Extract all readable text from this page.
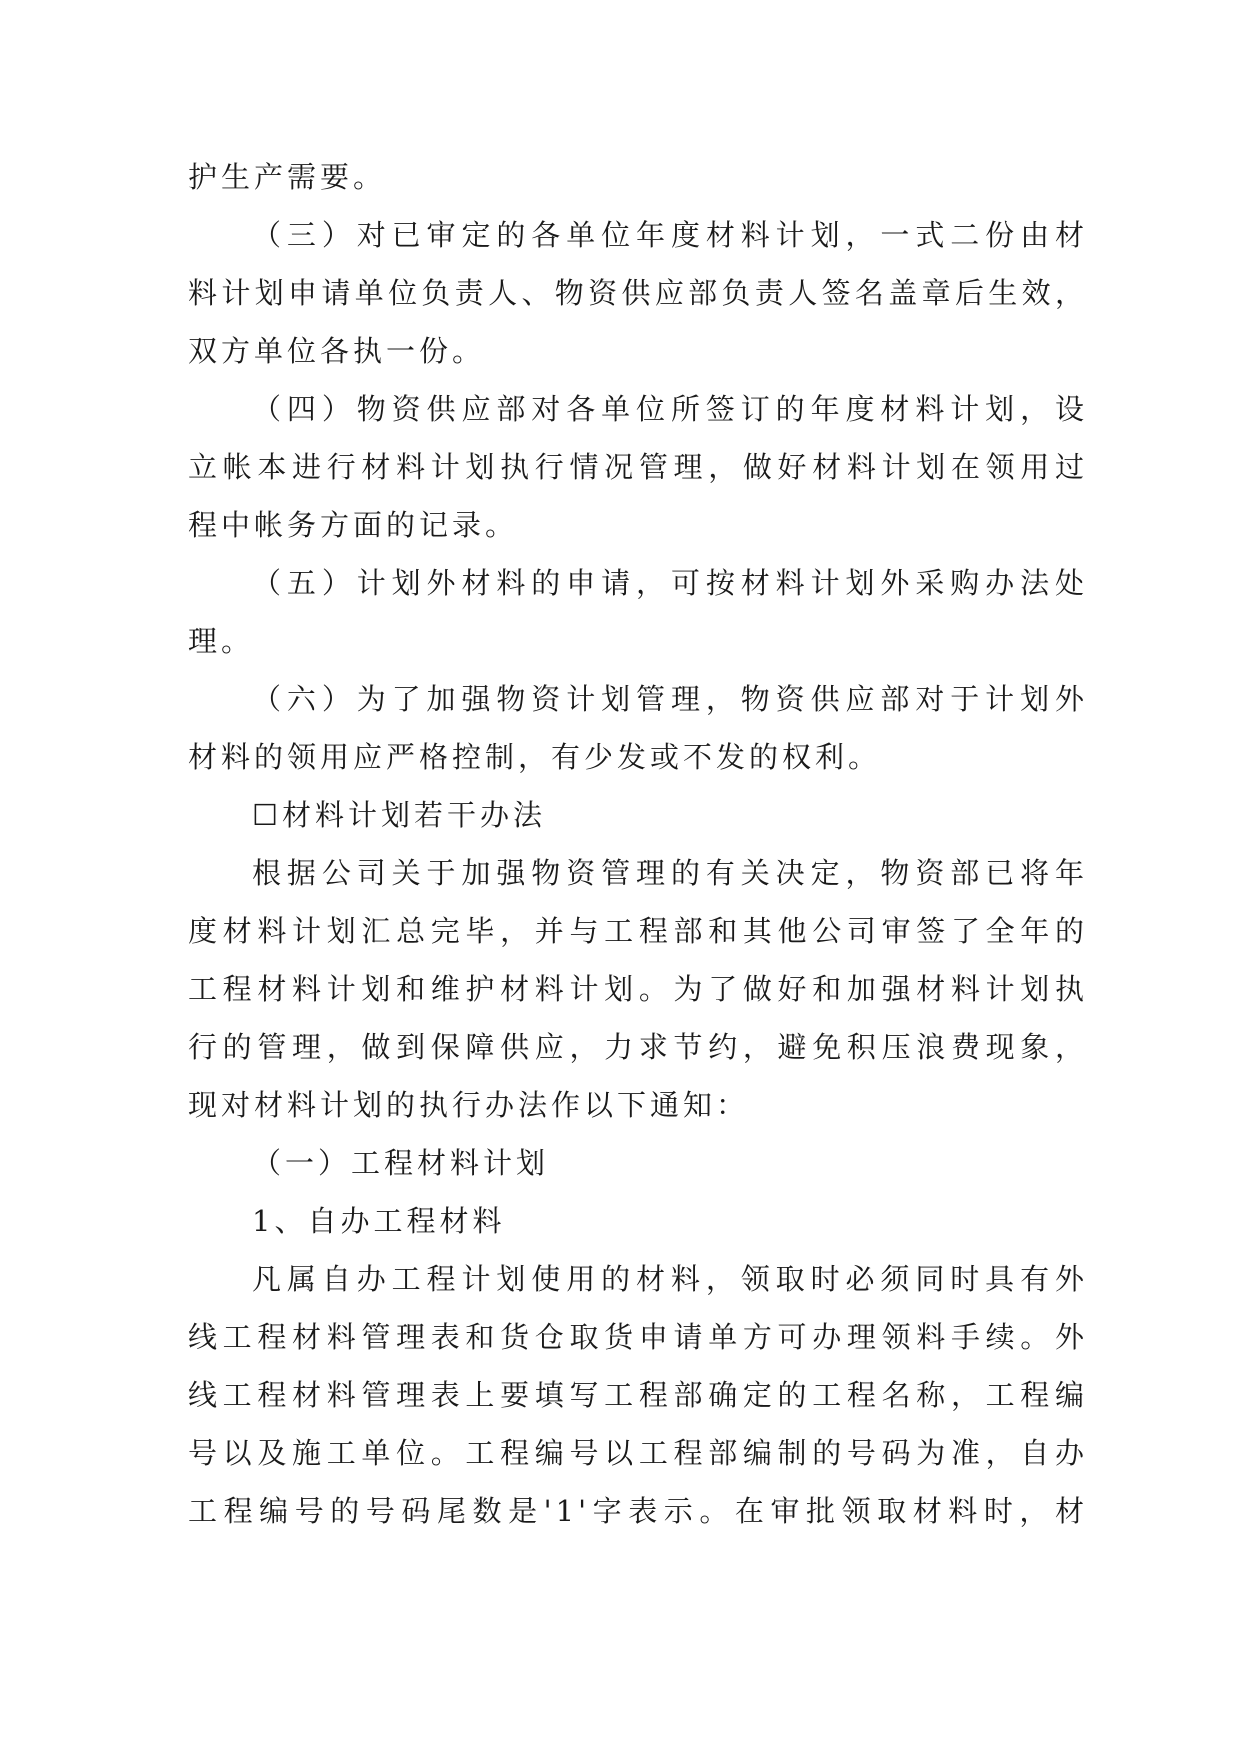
护生产需要。
（三）对已审定的各单位年度材料计划，一式二份由材
料计划申请单位负责人、物资供应部负责人签名盖章后生效，
双方单位各执一份。
（四）物资供应部对各单位所签订的年度材料计划，设
立帐本进行材料计划执行情况管理，做好材料计划在领用过
程中帐务方面的记录。
（五）计划外材料的申请，可按材料计划外采购办法处
理。
（六）为了加强物资计划管理，物资供应部对于计划外
材料的领用应严格控制，有少发或不发的权利。
☐材料计划若干办法
根据公司关于加强物资管理的有关决定，物资部已将年
度材料计划汇总完毕，并与工程部和其他公司审签了全年的
工程材料计划和维护材料计划。为了做好和加强材料计划执
行的管理，做到保障供应，力求节约，避免积压浪费现象，
现对材料计划的执行办法作以下通知：
（一）工程材料计划
1、自办工程材料
凡属自办工程计划使用的材料，领取时必须同时具有外
线工程材料管理表和货仓取货申请单方可办理领料手续。外
线工程材料管理表上要填写工程部确定的工程名称，工程编
号以及施工单位。工程编号以工程部编制的号码为准，自办
工程编号的号码尾数是'1'字表示。在审批领取材料时，材
